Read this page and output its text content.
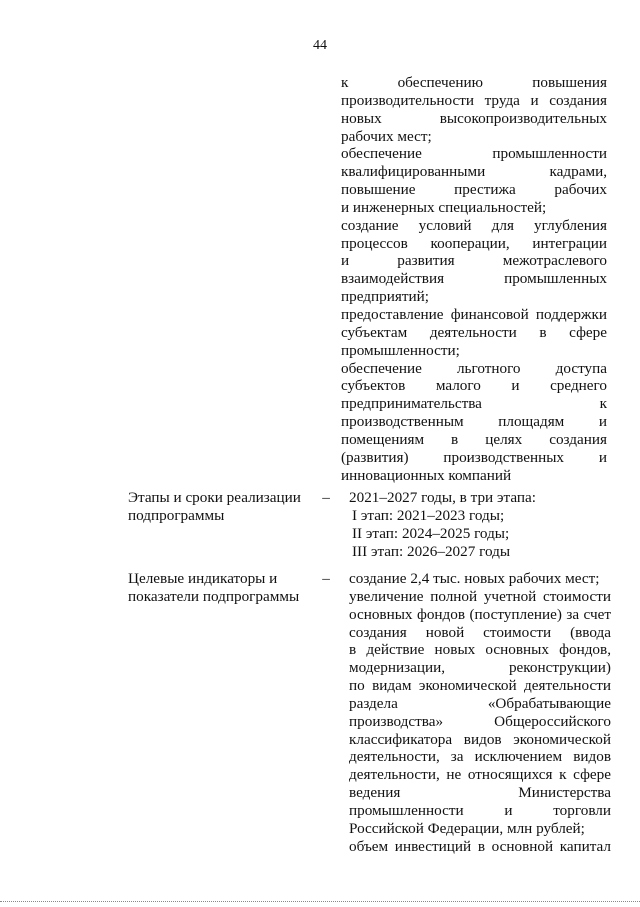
44
к обеспечению повышения
производительности труда и создания
новых высокопроизводительных
рабочих мест;
обеспечение промышленности
квалифицированными кадрами,
повышение престижа рабочих
и инженерных специальностей;
создание условий для углубления
процессов кооперации, интеграции
и развития межотраслевого
взаимодействия промышленных
предприятий;
предоставление финансовой поддержки
субъектам деятельности в сфере
промышленности;
обеспечение льготного доступа
субъектов малого и среднего
предпринимательства к
производственным площадям и
помещениям в целях создания
(развития) производственных и
инновационных компаний
Этапы и сроки реализации подпрограммы
– 2021–2027 годы, в три этапа:
I этап: 2021–2023 годы;
II этап: 2024–2025 годы;
III этап: 2026–2027 годы
Целевые индикаторы и показатели подпрограммы
– создание 2,4 тыс. новых рабочих мест;
увеличение полной учетной стоимости
основных фондов (поступление) за счет
создания новой стоимости (ввода
в действие новых основных фондов,
модернизации, реконструкции)
по видам экономической деятельности
раздела «Обрабатывающие
производства» Общероссийского
классификатора видов экономической
деятельности, за исключением видов
деятельности, не относящихся к сфере
ведения Министерства
промышленности и торговли
Российской Федерации, млн рублей;
объем инвестиций в основной капитал
